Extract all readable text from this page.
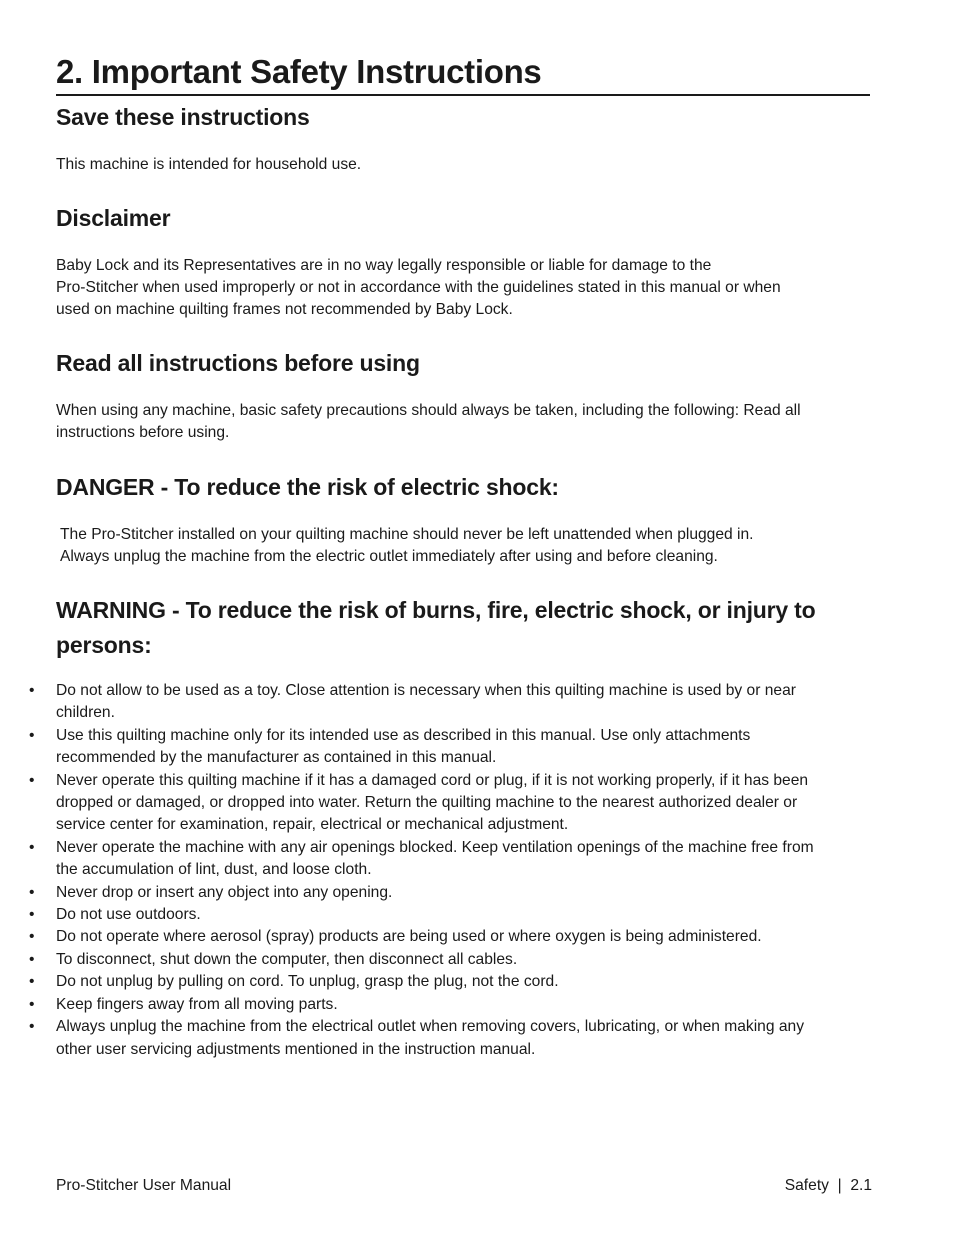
2. Important Safety Instructions
Save these instructions

This machine is intended for household use.

Disclaimer

Baby Lock and its Representatives are in no way legally responsible or liable for damage to the

Pro-Stitcher when used improperly or not in accordance with the guidelines stated in this manual or when

used on machine quilting frames not recommended by Baby Lock.

Read all instructions before using

When using any machine, basic safety precautions should always be taken, including the following: Read all instructions before using.

DANGER - To reduce the risk of electric shock:

The Pro-Stitcher installed on your quilting machine should never be left unattended when plugged in.

Always unplug the machine from the electric outlet immediately after using and before cleaning.

WARNING - To reduce the risk of burns, fire, electric shock, or injury to persons:
• Do not allow to be used as a toy. Close attention is necessary when this quilting machine is used by or near children.
• Use this quilting machine only for its intended use as described in this manual. Use only attachments recommended by the manufacturer as contained in this manual.
• Never operate this quilting machine if it has a damaged cord or plug, if it is not working properly, if it has been dropped or damaged, or dropped into water. Return the quilting machine to the nearest authorized dealer or service center for examination, repair, electrical or mechanical adjustment.
• Never operate the machine with any air openings blocked. Keep ventilation openings of the machine free from the accumulation of lint, dust, and loose cloth.
• Never drop or insert any object into any opening.
• Do not use outdoors.
• Do not operate where aerosol (spray) products are being used or where oxygen is being administered.
• To disconnect, shut down the computer, then disconnect all cables.
• Do not unplug by pulling on cord. To unplug, grasp the plug, not the cord.
• Keep fingers away from all moving parts.
• Always unplug the machine from the electrical outlet when removing covers, lubricating, or when making any other user servicing adjustments mentioned in the instruction manual.
Pro-Stitcher User Manual	Safety  |  2.1
